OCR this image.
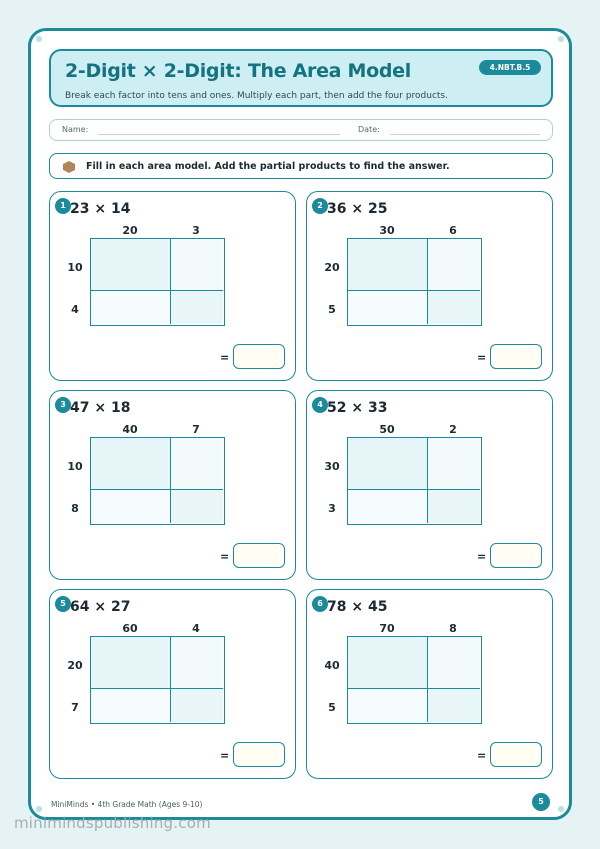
2-Digit × 2-Digit: The Area Model
Break each factor into tens and ones. Multiply each part, then add the four products.
4.NBT.B.5
Name:	Date:
Fill in each area model. Add the partial products to find the answer.
1 23 × 14
20	3
10
4
=
2 36 × 25
30	6
20
5
=
3 47 × 18
40	7
10
8
=
4 52 × 33
50	2
30
3
=
5 64 × 27
60	4
20
7
=
6 78 × 45
70	8
40
5
=
MiniMinds • 4th Grade Math (Ages 9-10)	5
minimindspublishing.com
